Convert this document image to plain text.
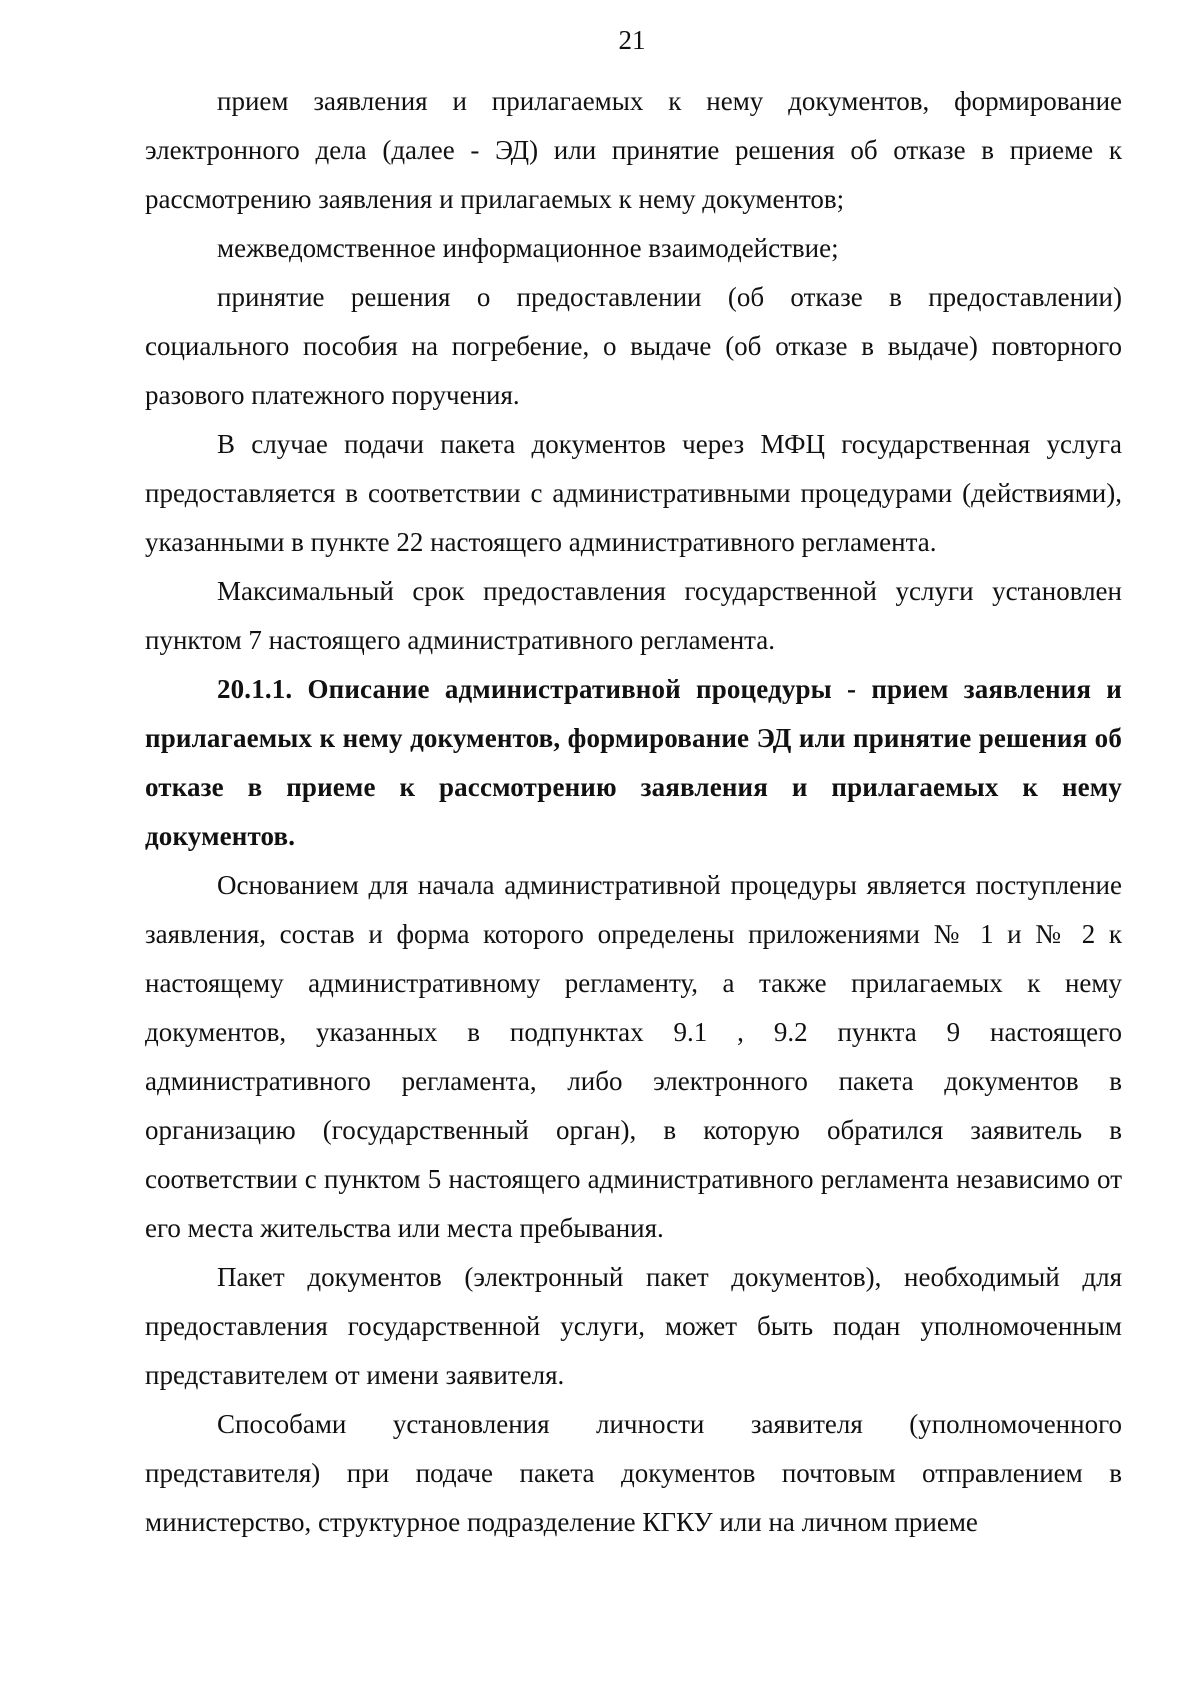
21

прием заявления и прилагаемых к нему документов, формирование электронного дела (далее - ЭД) или принятие решения об отказе в приеме к рассмотрению заявления и прилагаемых к нему документов;

межведомственное информационное взаимодействие;

принятие решения о предоставлении (об отказе в предоставлении) социального пособия на погребение, о выдаче (об отказе в выдаче) повторного разового платежного поручения.

В случае подачи пакета документов через МФЦ государственная услуга предоставляется в соответствии с административными процедурами (действиями), указанными в пункте 22 настоящего административного регламента.

Максимальный срок предоставления государственной услуги установлен пунктом 7 настоящего административного регламента.

20.1.1. Описание административной процедуры - прием заявления и прилагаемых к нему документов, формирование ЭД или принятие решения об отказе в приеме к рассмотрению заявления и прилагаемых к нему документов.

Основанием для начала административной процедуры является поступление заявления, состав и форма которого определены приложениями № 1 и № 2 к настоящему административному регламенту, а также прилагаемых к нему документов, указанных в подпунктах 9.1 , 9.2 пункта 9 настоящего административного регламента, либо электронного пакета документов в организацию (государственный орган), в которую обратился заявитель в соответствии с пунктом 5 настоящего административного регламента независимо от его места жительства или места пребывания.

Пакет документов (электронный пакет документов), необходимый для предоставления государственной услуги, может быть подан уполномоченным представителем от имени заявителя.

Способами установления личности заявителя (уполномоченного представителя) при подаче пакета документов почтовым отправлением в министерство, структурное подразделение КГКУ или на личном приеме
